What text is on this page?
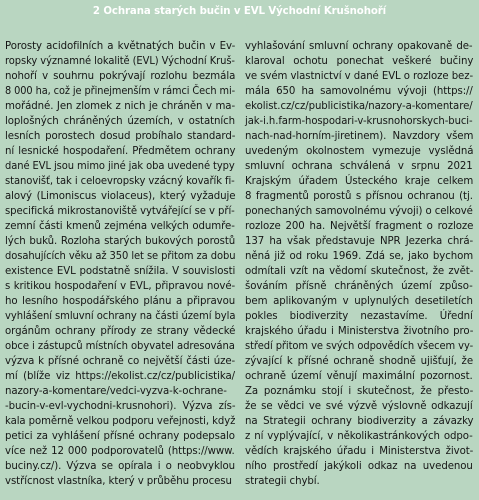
2 Ochrana starých bučin v EVL Východní Krušnohoří
Porosty acidofilních a květnatých bučin v Ev-
ropsky významné lokalitě (EVL) Východní Kruš-
nohoří v souhrnu pokrývají rozlohu bezmála
8 000 ha, což je přinejmenším v rámci Čech mi-
mořádné. Jen zlomek z nich je chráněn v ma-
loplošných chráněných územích, v ostatních
lesních porostech dosud probíhalo standard-
ní lesnické hospodaření. Předmětem ochrany
dané EVL jsou mimo jiné jak oba uvedené typy
stanovišť, tak i celoevropsky vzácný kovařík fi-
alový (Limoniscus violaceus), který vyžaduje
specifická mikrostanoviště vytvářející se v pří-
zemní části kmenů zejména velkých odumře-
lých buků. Rozloha starých bukových porostů
dosahujících věku až 350 let se přitom za dobu
existence EVL podstatně snížila. V souvislosti
s kritikou hospodaření v EVL, připravou nové-
ho lesního hospodářského plánu a připravou
vyhlášení smluvní ochrany na části území byla
orgánům ochrany přírody ze strany vědecké
obce i zástupců místních obyvatel adresována
výzva k přísné ochraně co největší části úze-
mí (blíže viz https://ekolist.cz/cz/publicistika/
nazory-a-komentare/vedci-vyzva-k-ochrane-
-bucin-v-evl-vychodni-krusnohori). Výzva zís-
kala poměrně velkou podporu veřejnosti, když
petici za vyhlášení přísné ochrany podepsalo
více než 12 000 podporovatelů (https://www.
buciny.cz/). Výzva se opírala i o neobvyklou
vstřícnost vlastníka, který v průběhu procesu
vyhlašování smluvní ochrany opakovaně de-
klaroval ochotu ponechat veškeré bučiny
ve svém vlastnictví v dané EVL o rozloze bez-
mála 650 ha samovolnému vývoji (https://
ekolist.cz/cz/publicistika/nazory-a-komentare/
jak-i.h.farm-hospodari-v-krusnohorskych-buci-
nach-nad-horním-jiretinem). Navzdory všem
uvedeným okolnostem vymezuje vyslědná
smluvní ochrana schválená v srpnu 2021
Krajským úřadem Ústeckého kraje celkem
8 fragmentů porostů s přísnou ochranou (tj.
ponechaných samovolnému vývoji) o celkové
rozloze 200 ha. Největší fragment o rozloze
137 ha však představuje NPR Jezerka chrá-
něná již od roku 1969. Zdá se, jako bychom
odmítali vzít na vědomí skutečnost, že zvět-
šováním přísně chráněných území způso-
bem aplikovaným v uplynulých desetiletích
pokles biodiverzity nezastavíme. Úřední
krajského úřadu i Ministerstva životního pro-
středí přitom ve svých odpovědích všecem vy-
zývající k přísné ochraně shodně ujišťují, že
ochraně území věnují maximální pozornost.
Za poznámku stojí i skutečnost, že přesto-
že se vědci ve své výzvě výslovně odkazují
na Strategii ochrany biodiverzity a závazky
z ní vyplývající, v několikastránkových odpo-
vědích krajského úřadu i Ministerstva život-
ního prostředí jakýkoli odkaz na uvedenou
strategii chybí.
